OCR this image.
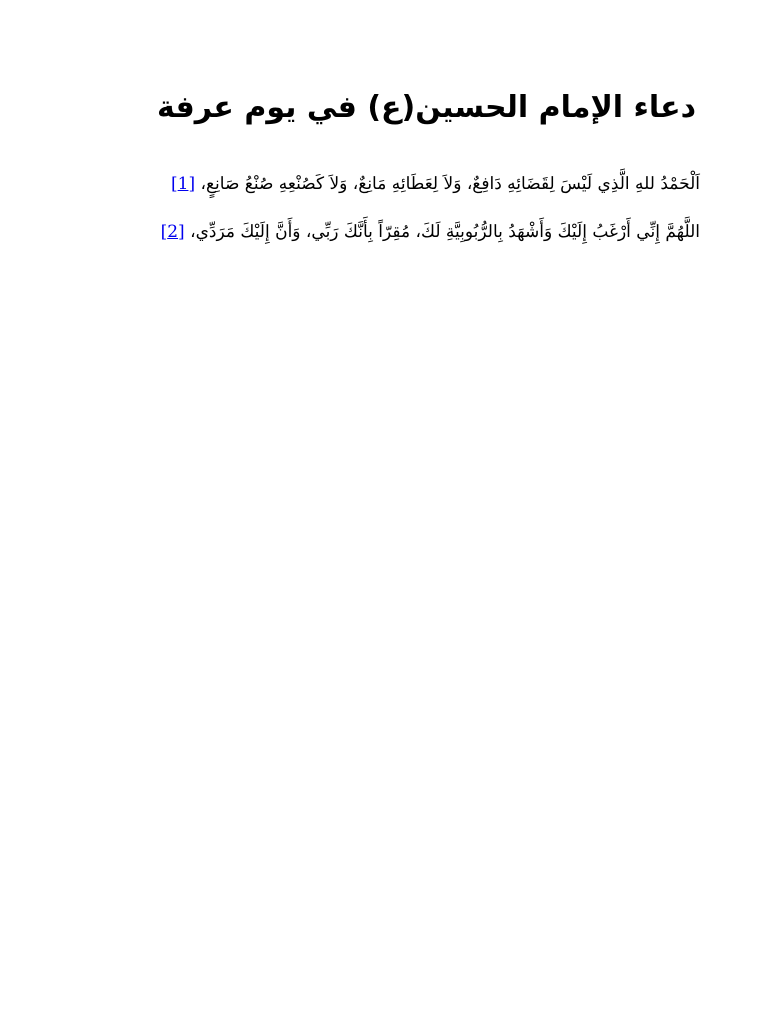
دعاء الإمام الحسين(ع) في يوم عرفة

اَلْحَمْدُ للهِ الَّذِي لَيْسَ لِقَضَائِهِ دَافِعٌ، وَلاَ لِعَطَائِهِ مَانِعٌ، وَلاَ كَصُنْعِهِ صُنْعُ صَانِعٍ، [1]

اللَّهُمَّ إِنِّي أَرْغَبُ إِلَيْكَ وَأَشْهَدُ بِالرُّبُوبِيَّةِ لَكَ، مُقِرّاً بِأَنَّكَ رَبِّي، وَأَنَّ إِلَيْكَ مَرَدِّي، [2]
